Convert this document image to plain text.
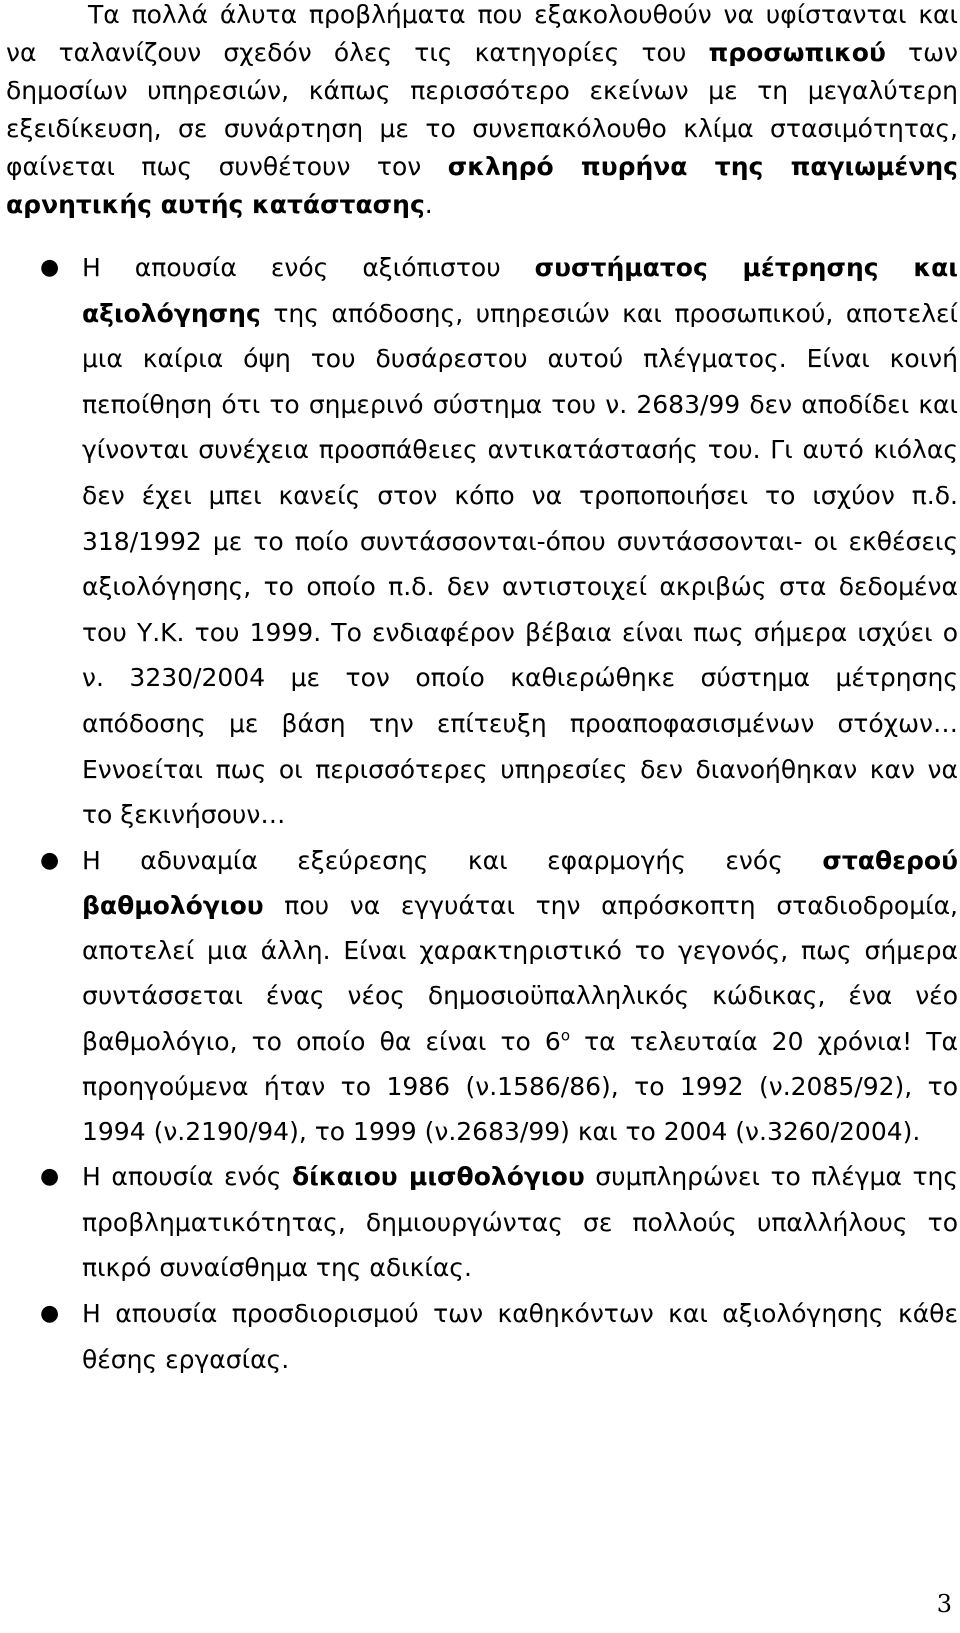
Τα πολλά άλυτα προβλήματα που εξακολουθούν να υφίστανται και να ταλανίζουν σχεδόν όλες τις κατηγορίες του προσωπικού των δημοσίων υπηρεσιών, κάπως περισσότερο εκείνων με τη μεγαλύτερη εξειδίκευση, σε συνάρτηση με το συνεπακόλουθο κλίμα στασιμότητας, φαίνεται πως συνθέτουν τον σκληρό πυρήνα της παγιωμένης αρνητικής αυτής κατάστασης.
● Η απουσία ενός αξιόπιστου συστήματος μέτρησης και αξιολόγησης της απόδοσης, υπηρεσιών και προσωπικού, αποτελεί μια καίρια όψη του δυσάρεστου αυτού πλέγματος. Είναι κοινή πεποίθηση ότι το σημερινό σύστημα του ν. 2683/99 δεν αποδίδει και γίνονται συνέχεια προσπάθειες αντικατάστασής του. Γι αυτό κιόλας δεν έχει μπει κανείς στον κόπο να τροποποιήσει το ισχύον π.δ. 318/1992 με το ποίο συντάσσονται-όπου συντάσσονται- οι εκθέσεις αξιολόγησης, το οποίο π.δ. δεν αντιστοιχεί ακριβώς στα δεδομένα του Υ.Κ. του 1999. Το ενδιαφέρον βέβαια είναι πως σήμερα ισχύει ο ν. 3230/2004 με τον οποίο καθιερώθηκε σύστημα μέτρησης απόδοσης με βάση την επίτευξη προαποφασισμένων στόχων…Εννοείται πως οι περισσότερες υπηρεσίες δεν διανοήθηκαν καν να το ξεκινήσουν…
● Η αδυναμία εξεύρεσης και εφαρμογής ενός σταθερού βαθμολόγιου που να εγγυάται την απρόσκοπτη σταδιοδρομία, αποτελεί μια άλλη. Είναι χαρακτηριστικό το γεγονός, πως σήμερα συντάσσεται ένας νέος δημοσιοϋπαλληλικός κώδικας, ένα νέο βαθμολόγιο, το οποίο θα είναι το $6^o$ τα τελευταία 20 χρόνια! Τα προηγούμενα ήταν το 1986 (ν.1586/86), το 1992 (ν.2085/92), το 1994 (ν.2190/94), το 1999 (ν.2683/99) και το 2004 (ν.3260/2004).
● Η απουσία ενός δίκαιου μισθολόγιου συμπληρώνει το πλέγμα της προβληματικότητας, δημιουργώντας σε πολλούς υπαλλήλους το πικρό συναίσθημα της αδικίας.
● Η απουσία προσδιορισμού των καθηκόντων και αξιολόγησης κάθε θέσης εργασίας.
3
